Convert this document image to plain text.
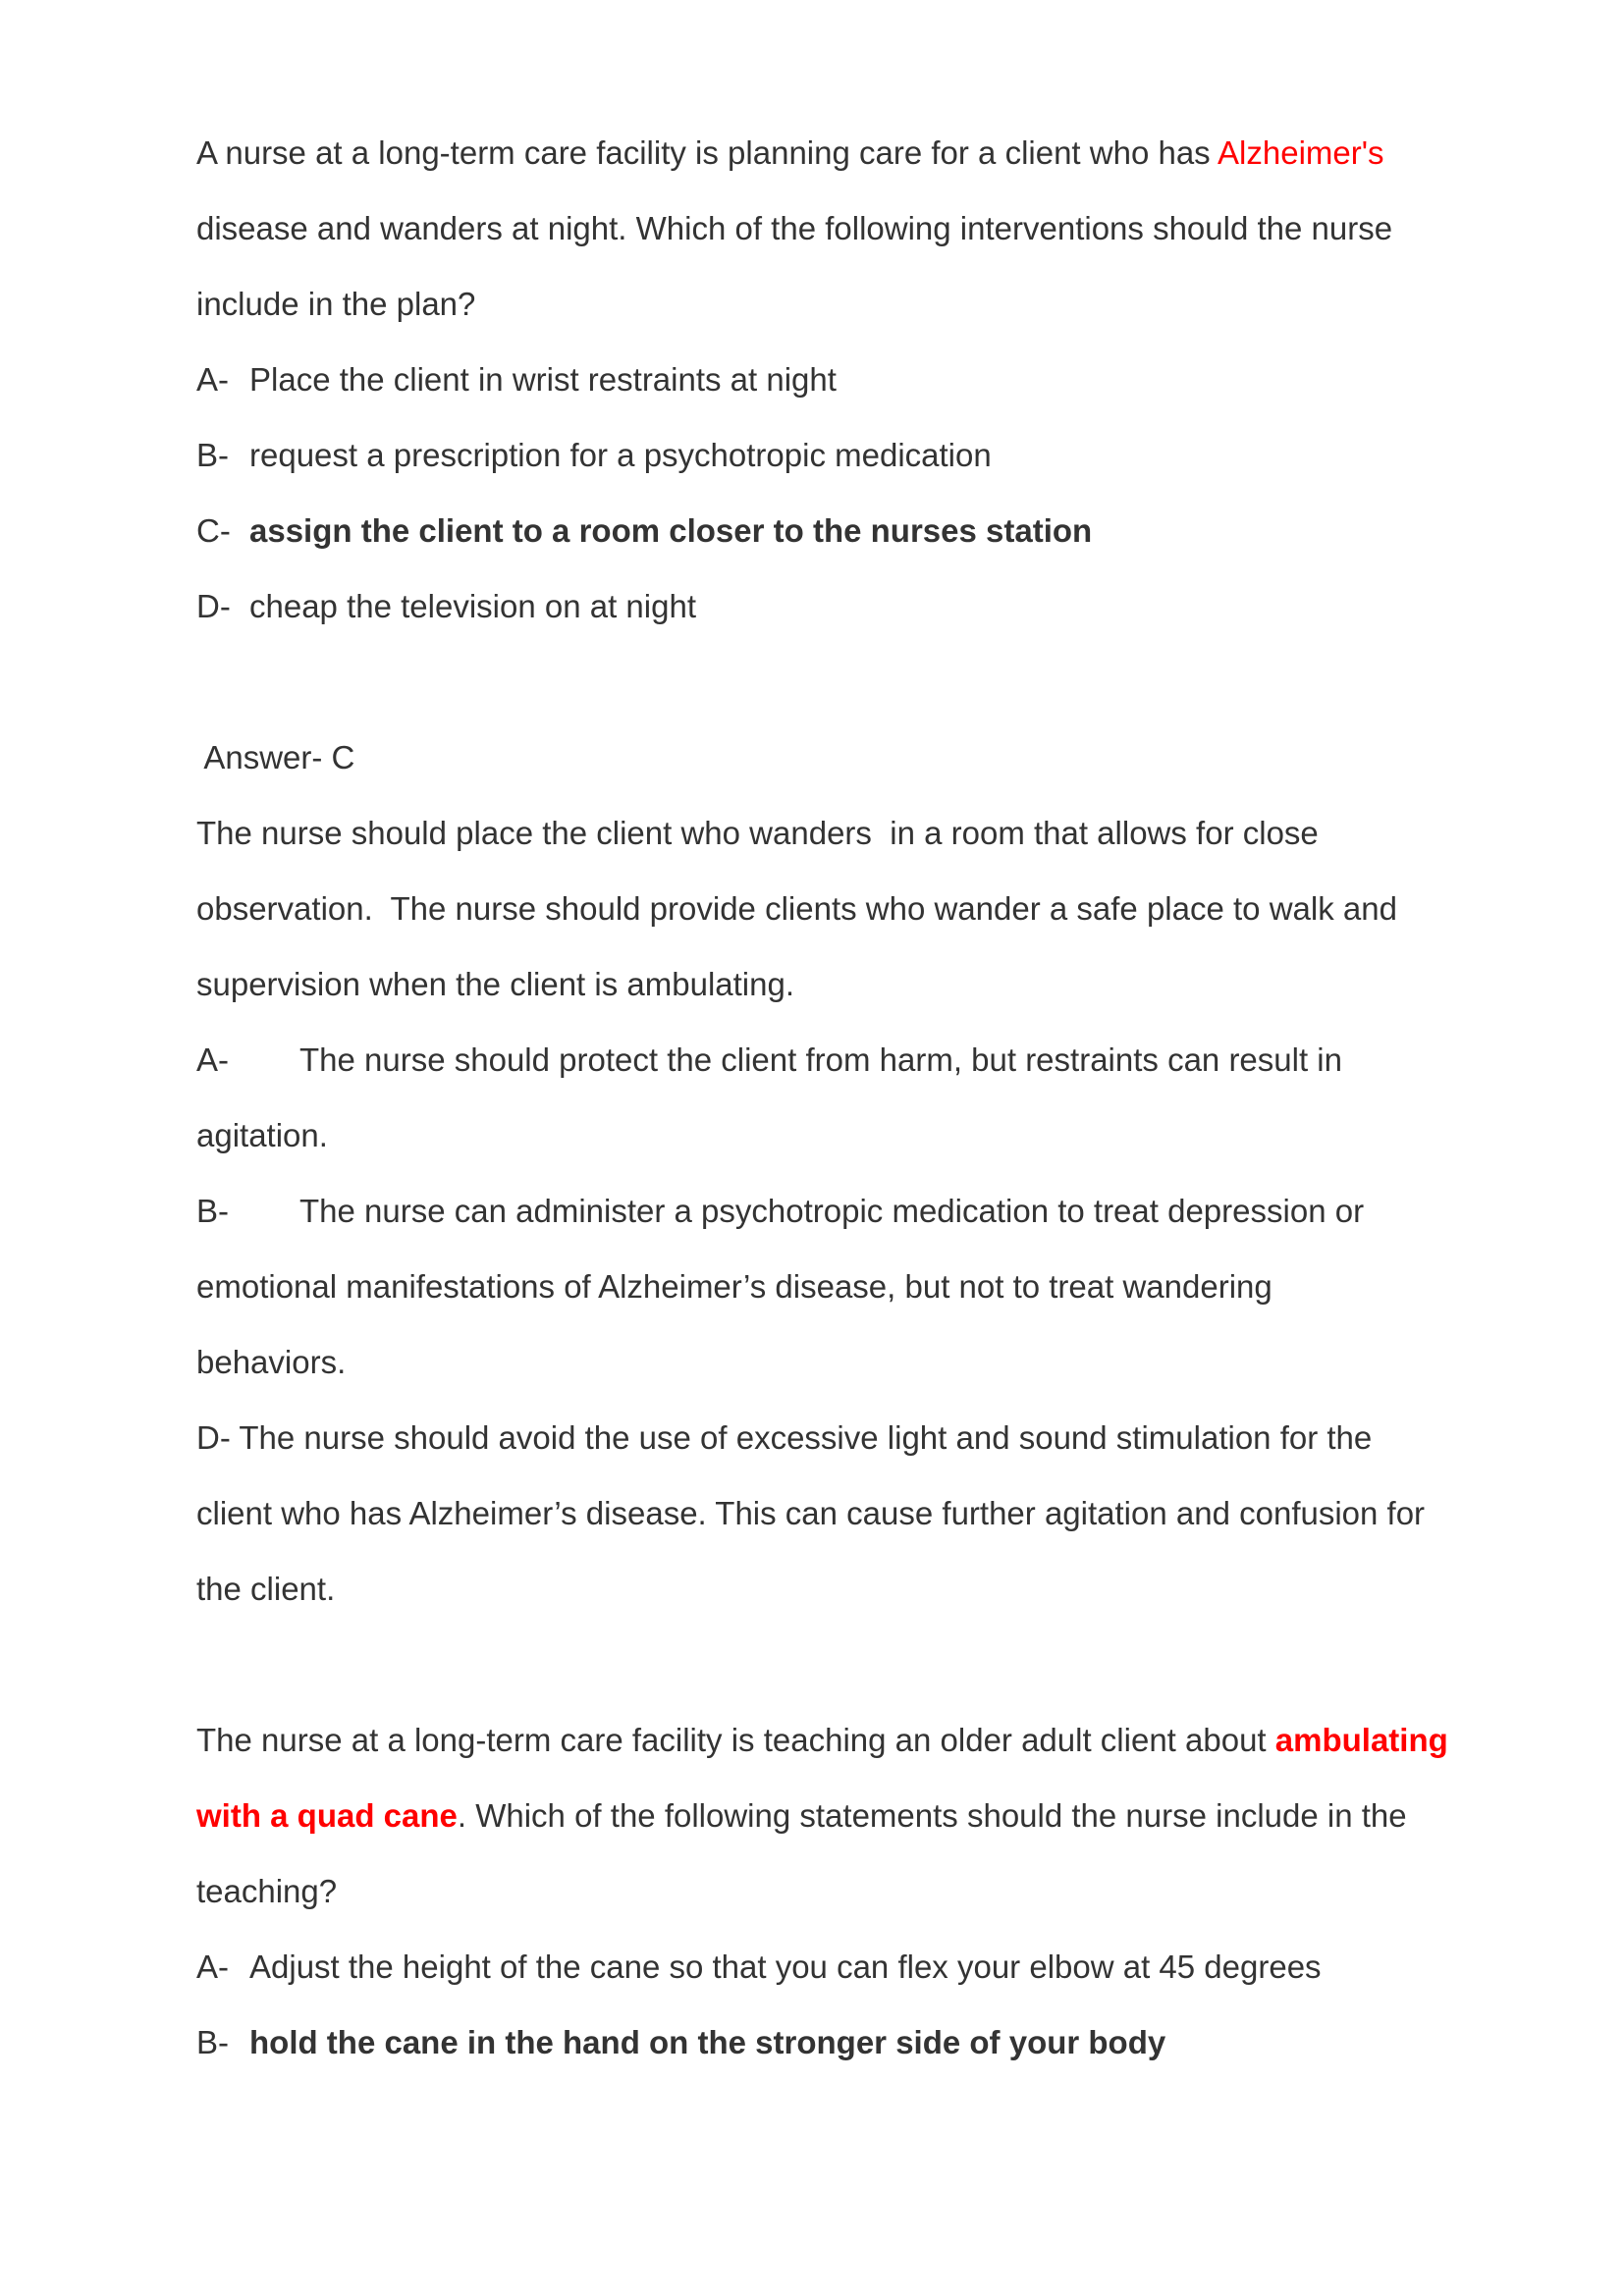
A nurse at a long-term care facility is planning care for a client who has Alzheimer's
disease and wanders at night. Which of the following interventions should the nurse
include in the plan?
A- Place the client in wrist restraints at night
B- request a prescription for a psychotropic medication
C- assign the client to a room closer to the nurses station
D- cheap the television on at night
Answer- C
The nurse should place the client who wanders  in a room that allows for close
observation.  The nurse should provide clients who wander a safe place to walk and
supervision when the client is ambulating.
A- The nurse should protect the client from harm, but restraints can result in
agitation.
B- The nurse can administer a psychotropic medication to treat depression or
emotional manifestations of Alzheimer’s disease, but not to treat wandering
behaviors.
D- The nurse should avoid the use of excessive light and sound stimulation for the
client who has Alzheimer’s disease. This can cause further agitation and confusion for
the client.
The nurse at a long-term care facility is teaching an older adult client about ambulating
with a quad cane. Which of the following statements should the nurse include in the
teaching?
A- Adjust the height of the cane so that you can flex your elbow at 45 degrees
B- hold the cane in the hand on the stronger side of your body
